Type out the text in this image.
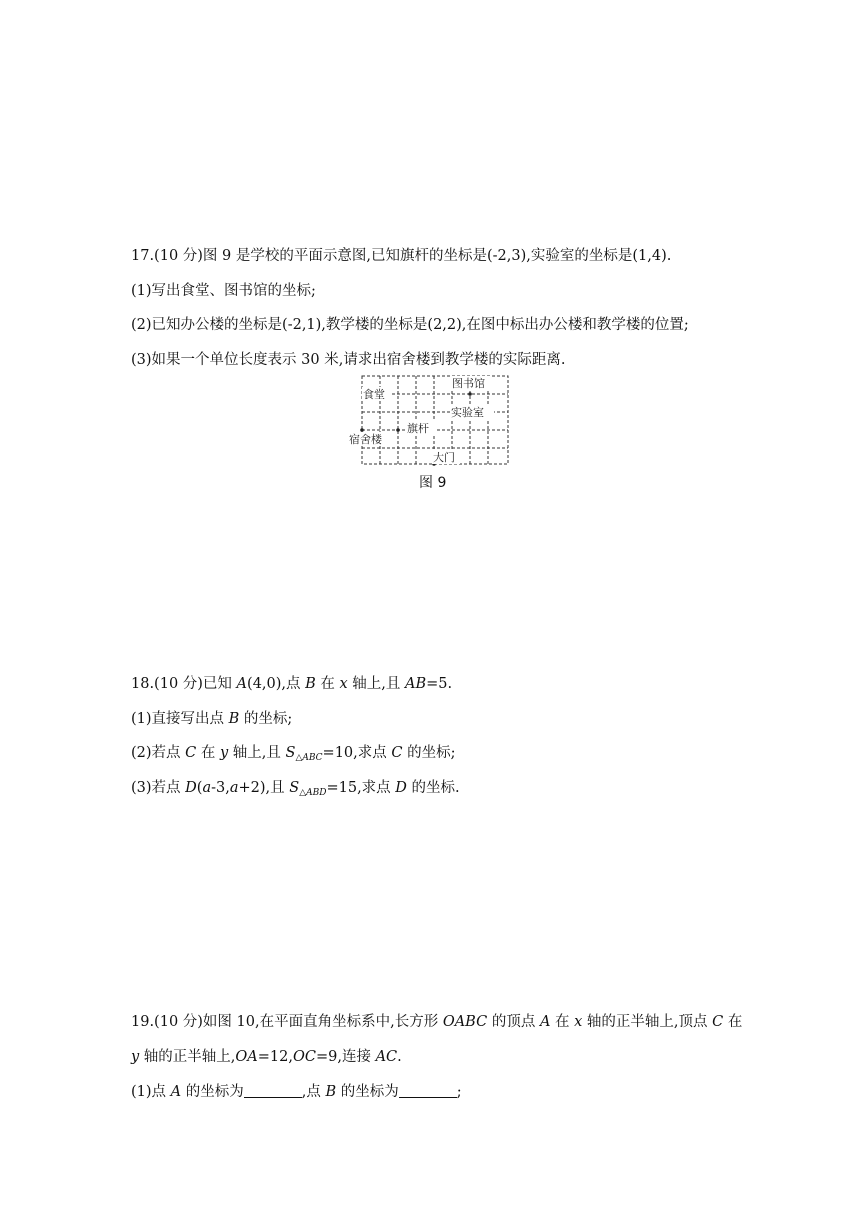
17.(10 分)图 9 是学校的平面示意图,已知旗杆的坐标是(-2,3),实验室的坐标是(1,4).
(1)写出食堂、图书馆的坐标;
(2)已知办公楼的坐标是(-2,1),教学楼的坐标是(2,2),在图中标出办公楼和教学楼的位置;
(3)如果一个单位长度表示 30 米,请求出宿舍楼到教学楼的实际距离.
图书馆
食堂
实验室
旗杆
宿舍楼
大门
图 9
18.(10 分)已知 A(4,0),点 B 在 x 轴上,且 AB=5.
(1)直接写出点 B 的坐标;
(2)若点 C 在 y 轴上,且 $S_{\triangle ABC}=10$,求点 C 的坐标;
(3)若点 D(a-3,a+2),且 $S_{\triangle ABD}=15$,求点 D 的坐标.
19.(10 分)如图 10,在平面直角坐标系中,长方形 OABC 的顶点 A 在 x 轴的正半轴上,顶点 C 在
y 轴的正半轴上,OA=12,OC=9,连接 AC.
(1)点 A 的坐标为	,点 B 的坐标为	;
